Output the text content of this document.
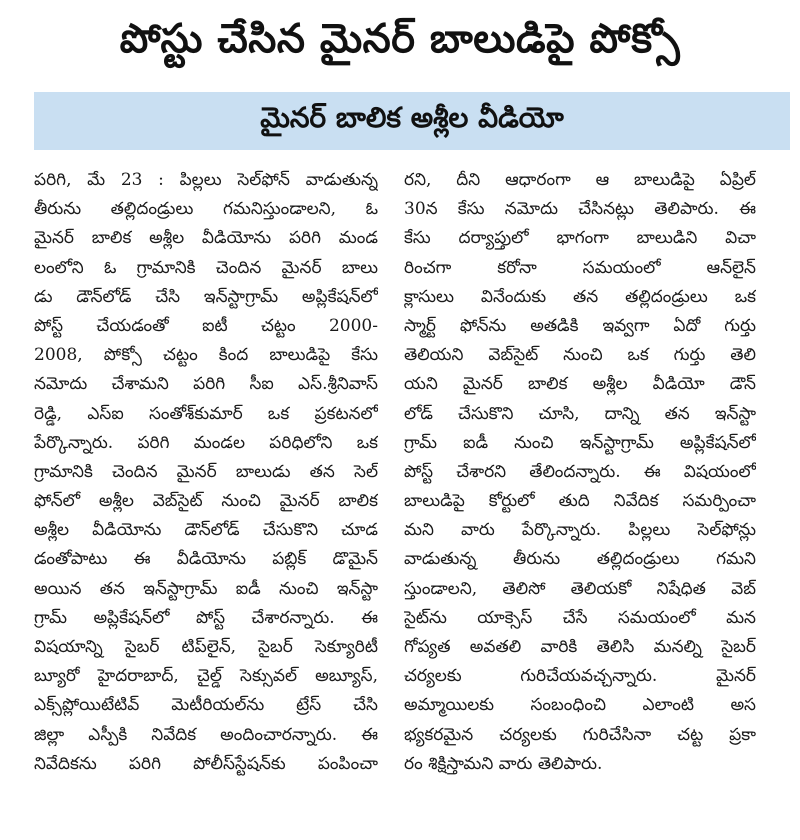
పోస్టు చేసిన మైనర్ బాలుడిపై పోక్సో
మైనర్ బాలిక అశ్లీల వీడియో
పరిగి, మే 23 : పిల్లలు సెల్‌ఫోన్ వాడుతున్న
తీరును తల్లిదండ్రులు గమనిస్తుండాలని, ఓ
మైనర్ బాలిక అశ్లీల వీడియోను పరిగి మండ
లంలోని ఓ గ్రామానికి చెందిన మైనర్ బాలు
డు డౌన్‌లోడ్ చేసి ఇన్‌స్టాగ్రామ్ అప్లికేషన్‌లో
పోస్ట్ చేయడంతో ఐటీ చట్టం 2000-
2008, పోక్సో చట్టం కింద బాలుడిపై కేసు
నమోదు చేశామని పరిగి సీఐ ఎస్.శ్రీనివాస్
రెడ్డి, ఎస్ఐ సంతోశ్‌కుమార్ ఒక ప్రకటనలో
పేర్కొన్నారు. పరిగి మండల పరిధిలోని ఒక
గ్రామానికి చెందిన మైనర్ బాలుడు తన సెల్
ఫోన్‌లో అశ్లీల వెబ్‌సైట్ నుంచి మైనర్ బాలిక
అశ్లీల వీడియోను డౌన్‌లోడ్ చేసుకొని చూడ
డంతోపాటు ఈ వీడియోను పబ్లిక్ డొమైన్
అయిన తన ఇన్‌స్టాగ్రామ్ ఐడీ నుంచి ఇన్‌స్టా
గ్రామ్ అప్లికేషన్‌లో పోస్ట్ చేశారన్నారు. ఈ
విషయాన్ని సైబర్ టిప్‌లైన్, సైబర్ సెక్యూరిటీ
బ్యూరో హైదరాబాద్, చైల్డ్ సెక్సువల్ అబ్యూస్,
ఎక్స్‌ప్లోయిటేటివ్ మెటీరియల్‌ను ట్రేస్ చేసి
జిల్లా ఎస్పీకి నివేదిక అందించారన్నారు. ఈ
నివేదికను పరిగి పోలీస్‌స్టేషన్‌కు పంపించా
రని, దీని ఆధారంగా ఆ బాలుడిపై ఏప్రిల్
30న కేసు నమోదు చేసినట్లు తెలిపారు. ఈ
కేసు దర్యాప్తులో భాగంగా బాలుడిని విచా
రించగా కరోనా సమయంలో ఆన్‌లైన్
క్లాసులు వినేందుకు తన తల్లిదండ్రులు ఒక
స్మార్ట్ ఫోన్‌ను అతడికి ఇవ్వగా ఏదో గుర్తు
తెలియని వెబ్‌సైట్ నుంచి ఒక గుర్తు తెలి
యని మైనర్ బాలిక అశ్లీల వీడియో డౌన్
లోడ్ చేసుకొని చూసి, దాన్ని తన ఇన్‌స్టా
గ్రామ్ ఐడీ నుంచి ఇన్‌స్టాగ్రామ్ అప్లికేషన్‌లో
పోస్ట్ చేశారని తేలిందన్నారు. ఈ విషయంలో
బాలుడిపై కోర్టులో తుది నివేదిక సమర్పించా
మని వారు పేర్కొన్నారు. పిల్లలు సెల్‌ఫోన్లు
వాడుతున్న తీరును తల్లిదండ్రులు గమని
స్తుండాలని, తెలిసో తెలియకో నిషేధిత వెబ్
సైట్‌ను యాక్సెస్ చేసే సమయంలో మన
గోప్యత అవతలి వారికి తెలిసి మనల్ని సైబర్
చర్యలకు గురిచేయవచ్చన్నారు. మైనర్
అమ్మాయిలకు సంబంధించి ఎలాంటి అస
భ్యకరమైన చర్యలకు గురిచేసినా చట్ట ప్రకా
రం శిక్షిస్తామని వారు తెలిపారు.
